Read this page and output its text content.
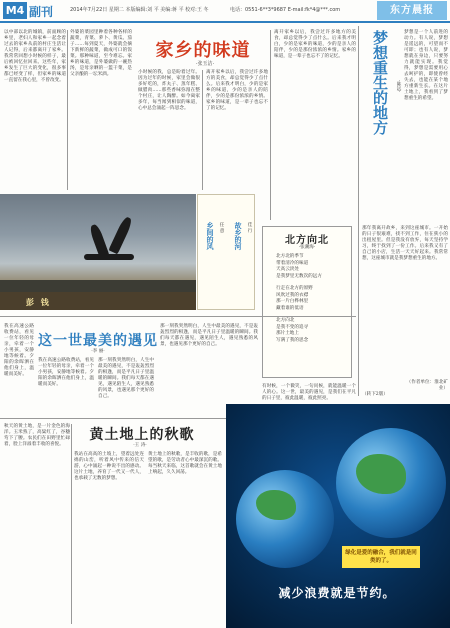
M4 副刊	2014年7月22日 星期二 本版编辑:刘 平 美编:蒋 平 校对:王 冬	电话：0551-6**3*9687 E-mail:fk*4@***.com	东方晨报
以中部以北的城镇，前面顾的乡里，老妇人和家乡一起念着过去的家乡从前的村庄生活让人记得，后来都离开了家乡。我常常回想小时候的样子，最后被回忆拉回来。这些年，家乡发生了巨大的变化，很多事都已经变了样，但家乡的味道一直留在我心里，不曾改变。
外婆的菜园里种着各种各样的蔬菜，青菜、萝卜、黄瓜、茄子……每到夏天，外婆就会摘下新鲜的蔬菜，做成可口的饭菜。那种味道，至今难忘。家乡的味道，是外婆做的一碗热汤，是母亲晒的一篮干菜，是父亲酿的一坛米酒。
家乡的味道
·张玉洁·
小时候的我，总是盼着过年。因为过年的时候，家里会做很多好吃的，炸丸子、蒸年糕、做腊肉……那些香味弥漫在整个村庄，让人陶醉。如今离家多年，每当闻到相似的味道，心中总会涌起一阵思念。
离开家乡以后，我尝过许多地方的美食，却总觉得少了点什么。后来我才明白，少的是家乡的味道，少的是亲人的陪伴，少的是那份浓浓的乡情。家乡的味道，是一辈子也忘不了的记忆。
离开家乡以后，我尝过许多地方的美食，却总觉得少了点什么。后来我才明白，少的是家乡的味道，少的是亲人的陪伴，少的是那份浓浓的乡情。家乡的味道，是一辈子也忘不了的记忆。	梦想重生的地方	·陈远·
梦想是一个人前进的动力。有人说，梦想是遥远的，可望而不可即；也有人说，梦想就在身边，只要努力就能实现。我觉得，梦想是需要用心去呵护的，即使曾经失去，也能在某个地方重新生长。在这片土地上，我看到了梦想重生的希望。
那年我离开故乡，来到这座城市。一开始的日子很艰难，找不到工作，住在狭小的出租屋里。但是我没有放弃，每天坚持学习，终于找到了一份工作。后来我又有了自己的小店，生活一天天好起来。我常常想，这座城市就是我梦想重生的地方。
（作者单位：淮北矿业）
彭 钱
乡间的风 任 意	故乡的河 佳 行
北方向北
·张潮海·
北方北的季节
带着清冷的味道
天高云淡处
是我梦里无数次的远方
行走在北方的原野
风吹过我的衣襟
那一片白桦林里
藏着谁的低语
北方向北
是我不变的追寻
那片土地上
写满了我的思念
我在高速公路收费站，看见一位年轻的母亲，牵着一个小男孩，安静地等候着。夕阳的余晖洒在他们身上，温暖而美好。
这一世最美的遇见
·李 丽·
我在高速公路收费站，看见一位年轻的母亲，牵着一个小男孩，安静地等候着。夕阳的余晖洒在他们身上，温暖而美好。
那一刻我突然明白，人生中最美的遇见，不是轰轰烈烈的相逢，而是平凡日子里温暖的瞬间。我们每天都在遇见，遇见陌生人，遇见熟悉的风景，也遇见那个更好的自己。
那一刻我突然明白，人生中最美的遇见，不是轰轰烈烈的相逢，而是平凡日子里温暖的瞬间。我们每天都在遇见，遇见陌生人，遇见熟悉的风景，也遇见那个更好的自己。
有时候，一个微笑，一句问候，就能温暖一个人的心。这一世，最美的遇见，是我们在平凡的日子里，彼此温暖，彼此照亮。
（转下2版）
秋天的黄土地，是一片金色的海洋。玉米熟了，高粱红了，谷穗弯下了腰。农民们在田野里忙碌着，脸上洋溢着丰收的喜悦。
黄土地上的秋歌
·王 涛·
我站在高高的土坡上，望着远处连绵的山峦，听着风中传来的信天游，心中涌起一种说不出的感动。这片土地，养育了一代又一代人，也承载了无数的梦想。
黄土地上的秋歌，是丰收的歌，是希望的歌，是劳动者心中最深沉的歌。每当秋天来临，这首歌就会在黄土地上响起，久久回荡。
绿化是爱的融合，我们就是同类的了。
减少浪费就是节约。
